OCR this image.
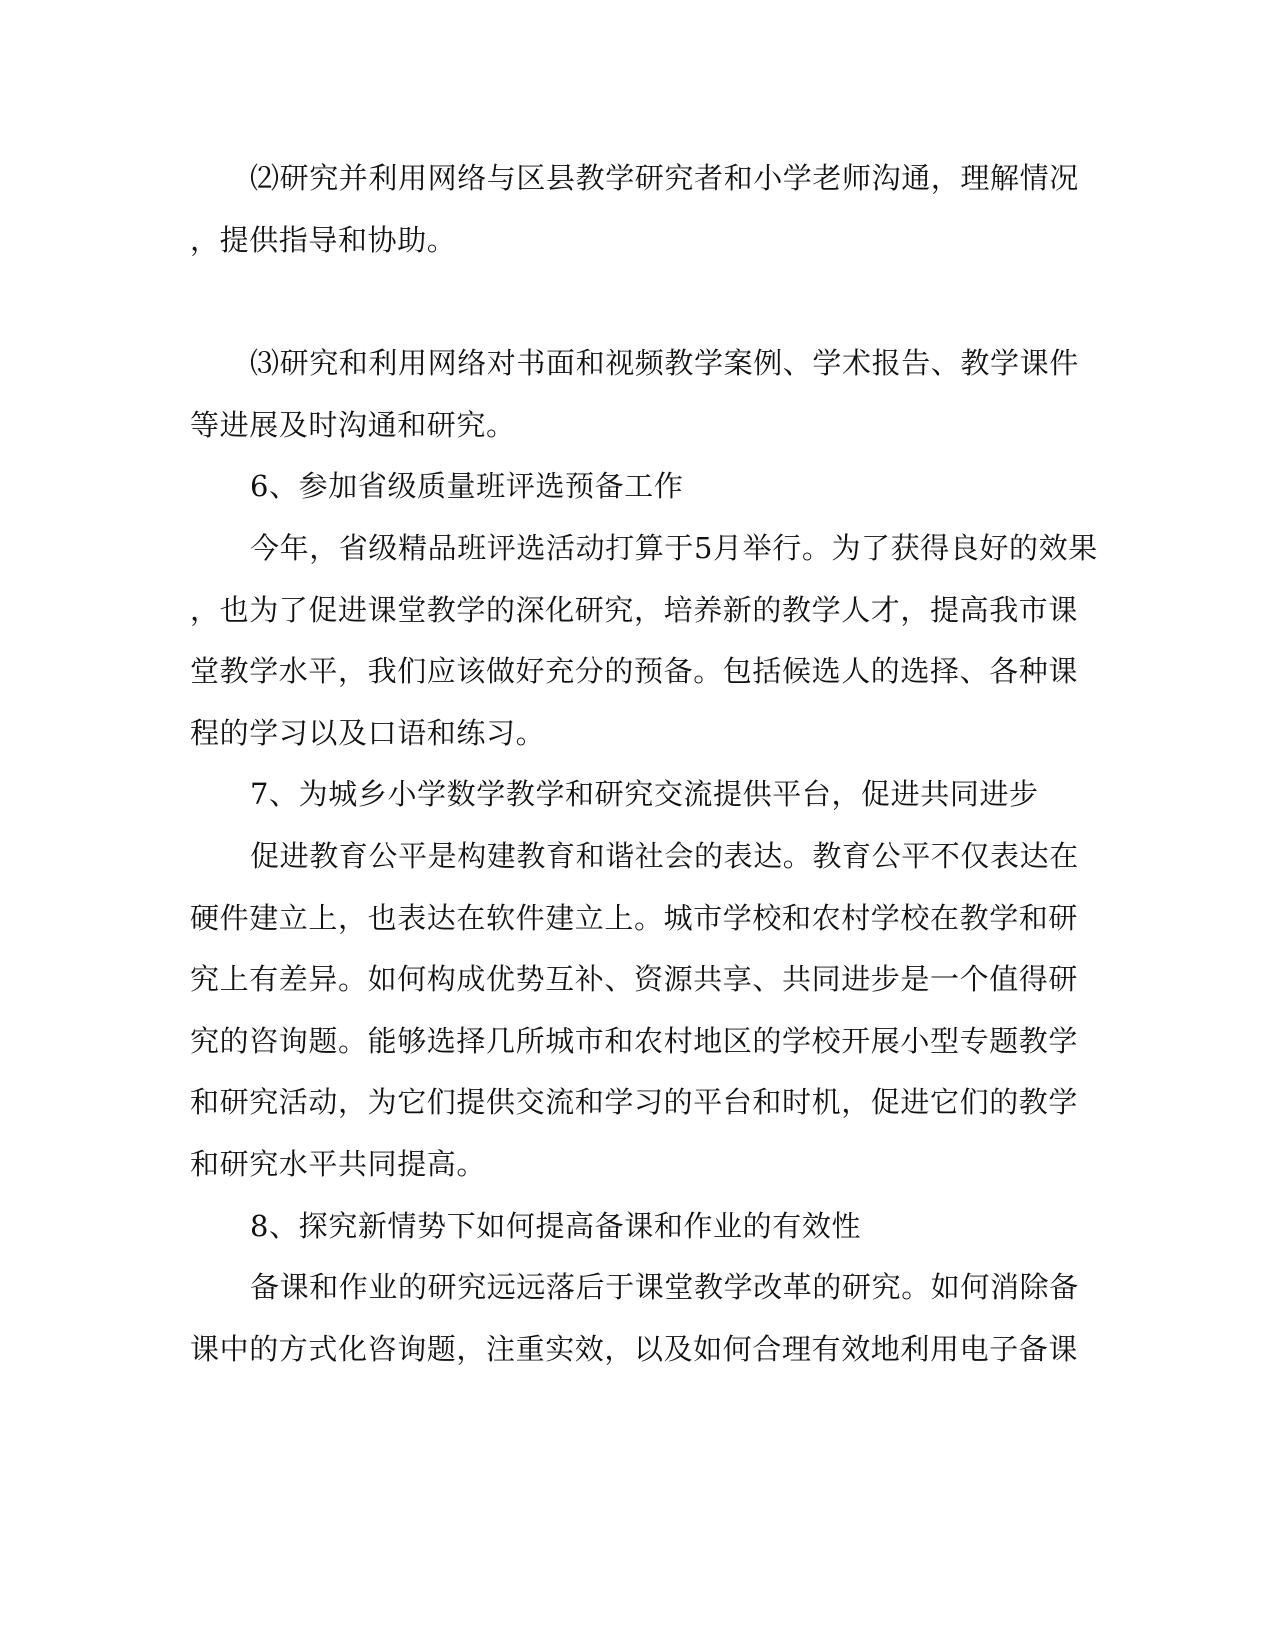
⑵研究并利用网络与区县教学研究者和小学老师沟通，理解情况
，提供指导和协助。
⑶研究和利用网络对书面和视频教学案例、学术报告、教学课件
等进展及时沟通和研究。
6、参加省级质量班评选预备工作
今年，省级精品班评选活动打算于5月举行。为了获得良好的效果
，也为了促进课堂教学的深化研究，培养新的教学人才，提高我市课
堂教学水平，我们应该做好充分的预备。包括候选人的选择、各种课
程的学习以及口语和练习。
7、为城乡小学数学教学和研究交流提供平台，促进共同进步
促进教育公平是构建教育和谐社会的表达。教育公平不仅表达在
硬件建立上，也表达在软件建立上。城市学校和农村学校在教学和研
究上有差异。如何构成优势互补、资源共享、共同进步是一个值得研
究的咨询题。能够选择几所城市和农村地区的学校开展小型专题教学
和研究活动，为它们提供交流和学习的平台和时机，促进它们的教学
和研究水平共同提高。
8、探究新情势下如何提高备课和作业的有效性
备课和作业的研究远远落后于课堂教学改革的研究。如何消除备
课中的方式化咨询题，注重实效，以及如何合理有效地利用电子备课
